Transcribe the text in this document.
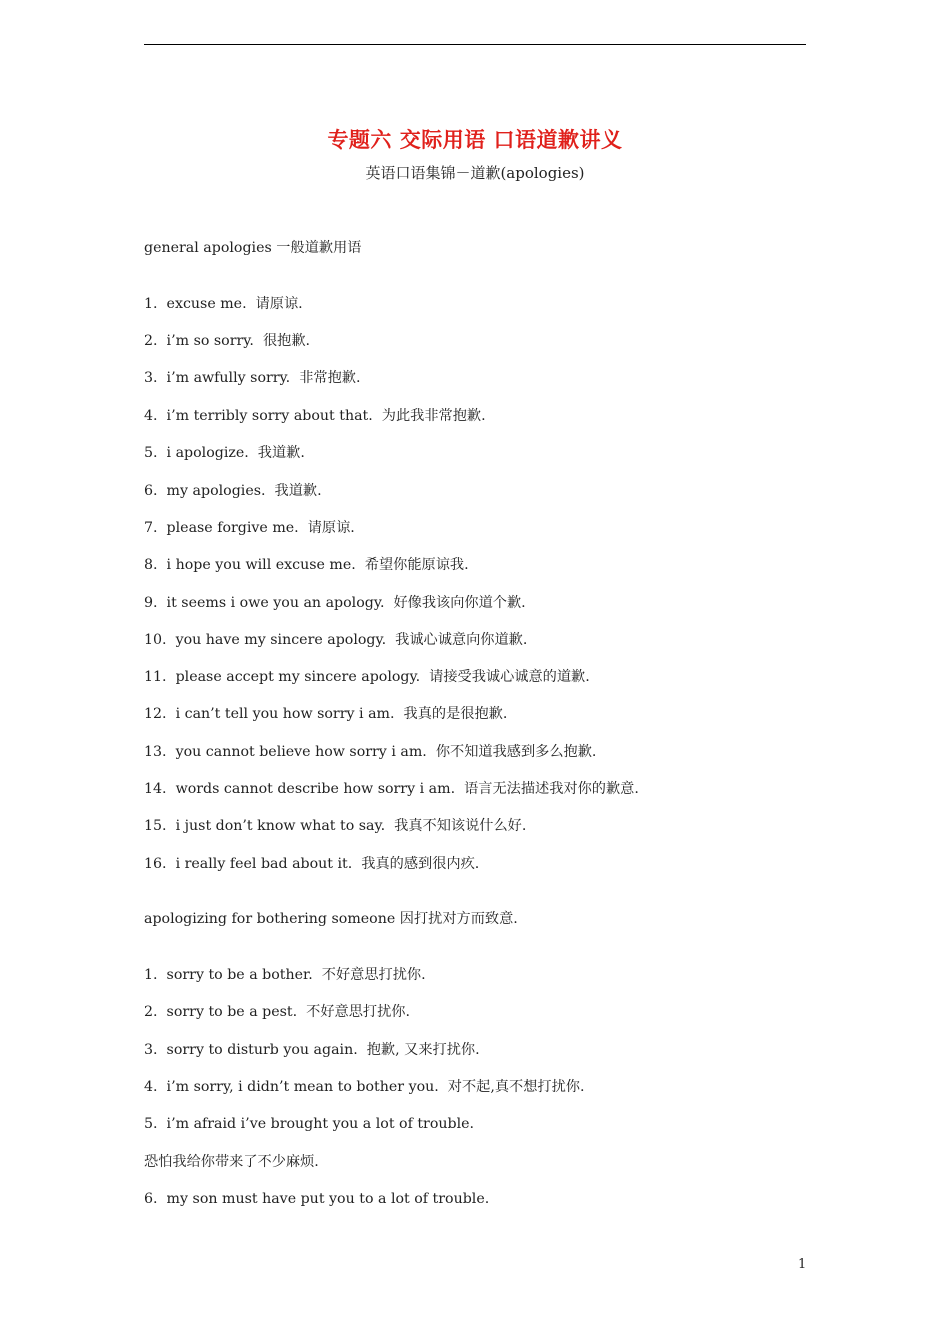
专题六 交际用语 口语道歉讲义
英语口语集锦－道歉(apologies)
general apologies 一般道歉用语
1.  excuse me.  请原谅.
2.  i’m so sorry.  很抱歉.
3.  i’m awfully sorry.  非常抱歉.
4.  i’m terribly sorry about that.  为此我非常抱歉.
5.  i apologize.  我道歉.
6.  my apologies.  我道歉.
7.  please forgive me.  请原谅.
8.  i hope you will excuse me.  希望你能原谅我.
9.  it seems i owe you an apology.  好像我该向你道个歉.
10.  you have my sincere apology.  我诚心诚意向你道歉.
11.  please accept my sincere apology.  请接受我诚心诚意的道歉.
12.  i can’t tell you how sorry i am.  我真的是很抱歉.
13.  you cannot believe how sorry i am.  你不知道我感到多么抱歉.
14.  words cannot describe how sorry i am.  语言无法描述我对你的歉意.
15.  i just don’t know what to say.  我真不知该说什么好.
16.  i really feel bad about it.  我真的感到很内疚.
apologizing for bothering someone 因打扰对方而致意.
1.  sorry to be a bother.  不好意思打扰你.
2.  sorry to be a pest.  不好意思打扰你.
3.  sorry to disturb you again.  抱歉, 又来打扰你.
4.  i’m sorry, i didn’t mean to bother you.  对不起,真不想打扰你.
5.  i’m afraid i’ve brought you a lot of trouble.
恐怕我给你带来了不少麻烦.
6.  my son must have put you to a lot of trouble.
1
